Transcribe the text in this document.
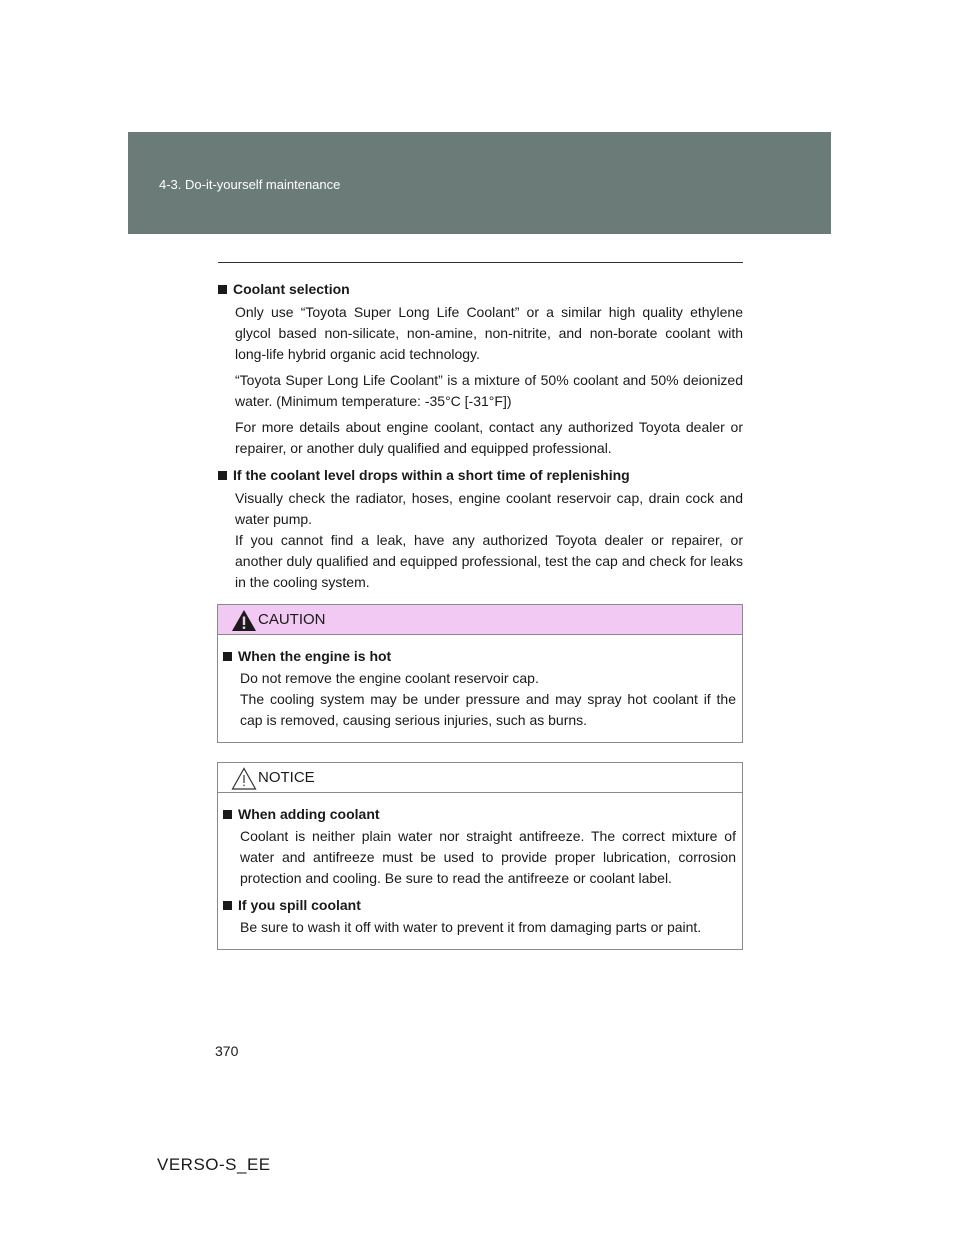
4-3. Do-it-yourself maintenance
Coolant selection

Only use “Toyota Super Long Life Coolant” or a similar high quality ethylene glycol based non-silicate, non-amine, non-nitrite, and non-borate coolant with long-life hybrid organic acid technology.

“Toyota Super Long Life Coolant” is a mixture of 50% coolant and 50% deionized water. (Minimum temperature: -35°C [-31°F])

For more details about engine coolant, contact any authorized Toyota dealer or repairer, or another duly qualified and equipped professional.

If the coolant level drops within a short time of replenishing

Visually check the radiator, hoses, engine coolant reservoir cap, drain cock and water pump.

If you cannot find a leak, have any authorized Toyota dealer or repairer, or another duly qualified and equipped professional, test the cap and check for leaks in the cooling system.

CAUTION
When the engine is hot

Do not remove the engine coolant reservoir cap.

The cooling system may be under pressure and may spray hot coolant if the cap is removed, causing serious injuries, such as burns.

NOTICE
When adding coolant

Coolant is neither plain water nor straight antifreeze. The correct mixture of water and antifreeze must be used to provide proper lubrication, corrosion protection and cooling. Be sure to read the antifreeze or coolant label.

If you spill coolant

Be sure to wash it off with water to prevent it from damaging parts or paint.

370
VERSO-S_EE
